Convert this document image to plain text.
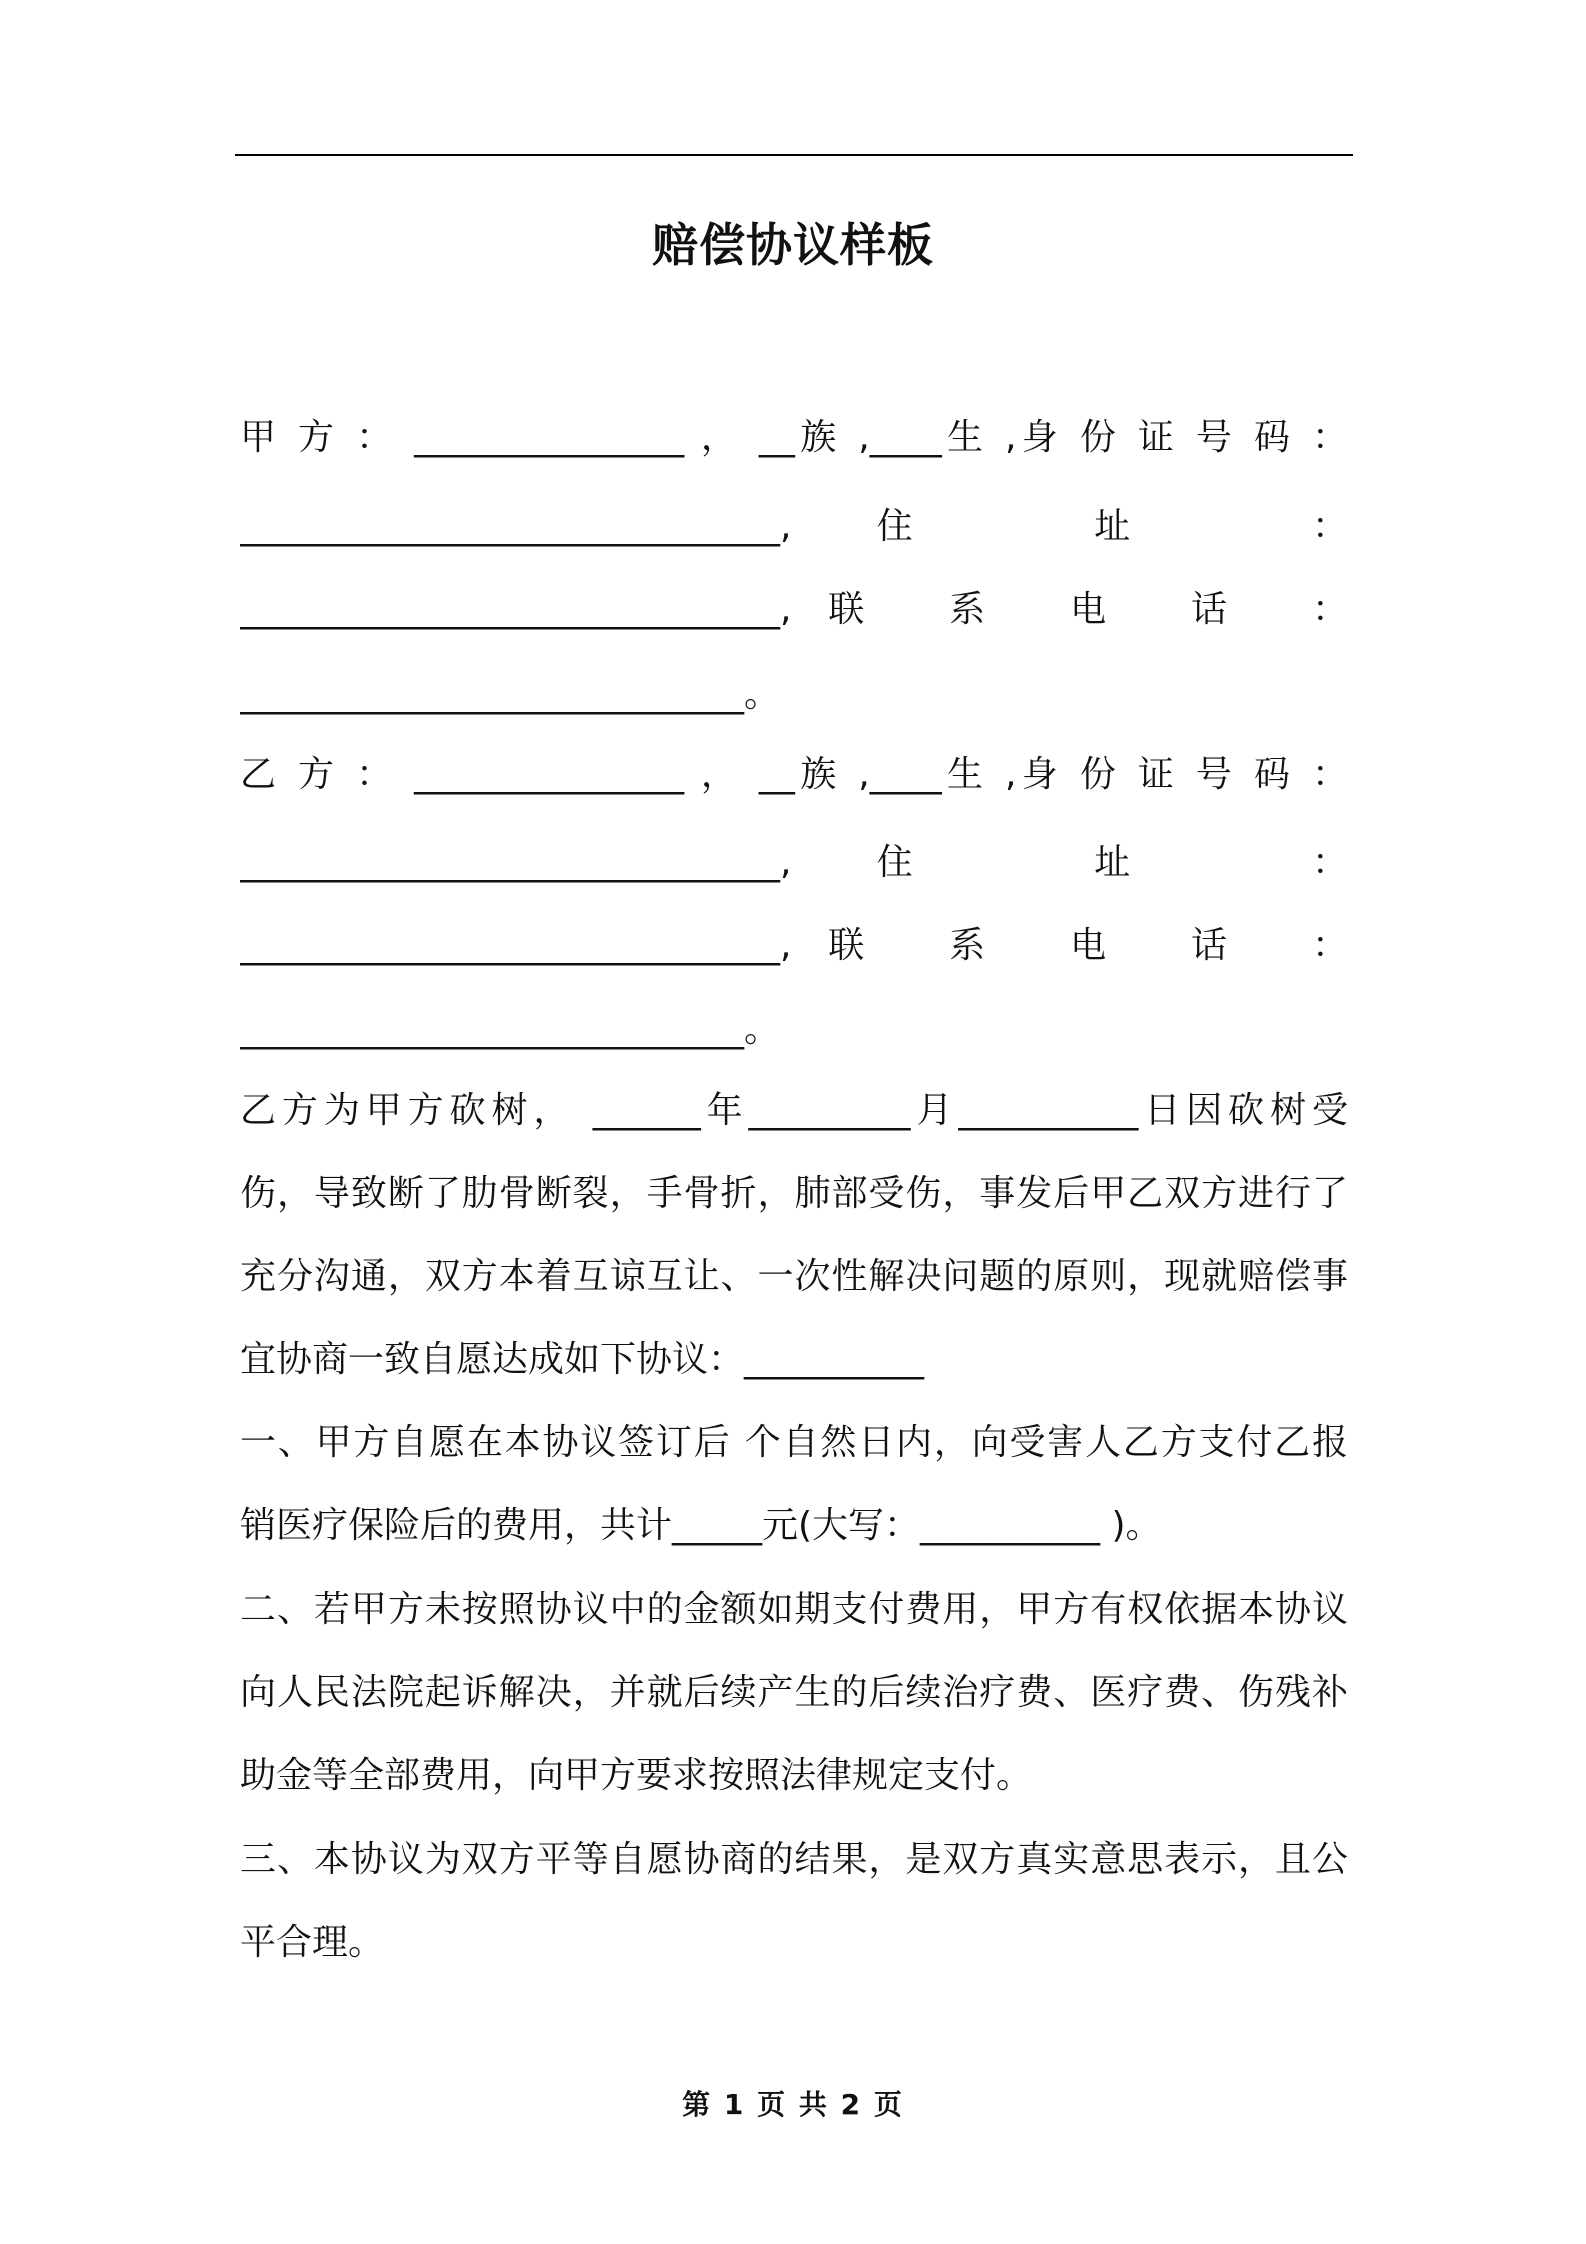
赔偿协议样板
甲 方 ： _______________ ， __族 ,____生 ,身 份 证 号 码 ：
______________________________,住 址 ：
______________________________,联 系 电 话 ：
____________________________。
乙 方 ： _______________ ， __族 ,____生 ,身 份 证 号 码 ：
______________________________,住 址 ：
______________________________,联 系 电 话 ：
____________________________。
乙方为甲方砍树， ______年_________月__________日因砍树受
伤，导致断了肋骨断裂，手骨折，肺部受伤，事发后甲乙双方进行了
充分沟通，双方本着互谅互让、一次性解决问题的原则，现就赔偿事
宜协商一致自愿达成如下协议：__________
一、甲方自愿在本协议签订后 个自然日内，向受害人乙方支付乙报
销医疗保险后的费用，共计_____元(大写：__________ )。
二、若甲方未按照协议中的金额如期支付费用，甲方有权依据本协议
向人民法院起诉解决，并就后续产生的后续治疗费、医疗费、伤残补
助金等全部费用，向甲方要求按照法律规定支付。
三、本协议为双方平等自愿协商的结果，是双方真实意思表示，且公
平合理。
第 1 页 共 2 页
